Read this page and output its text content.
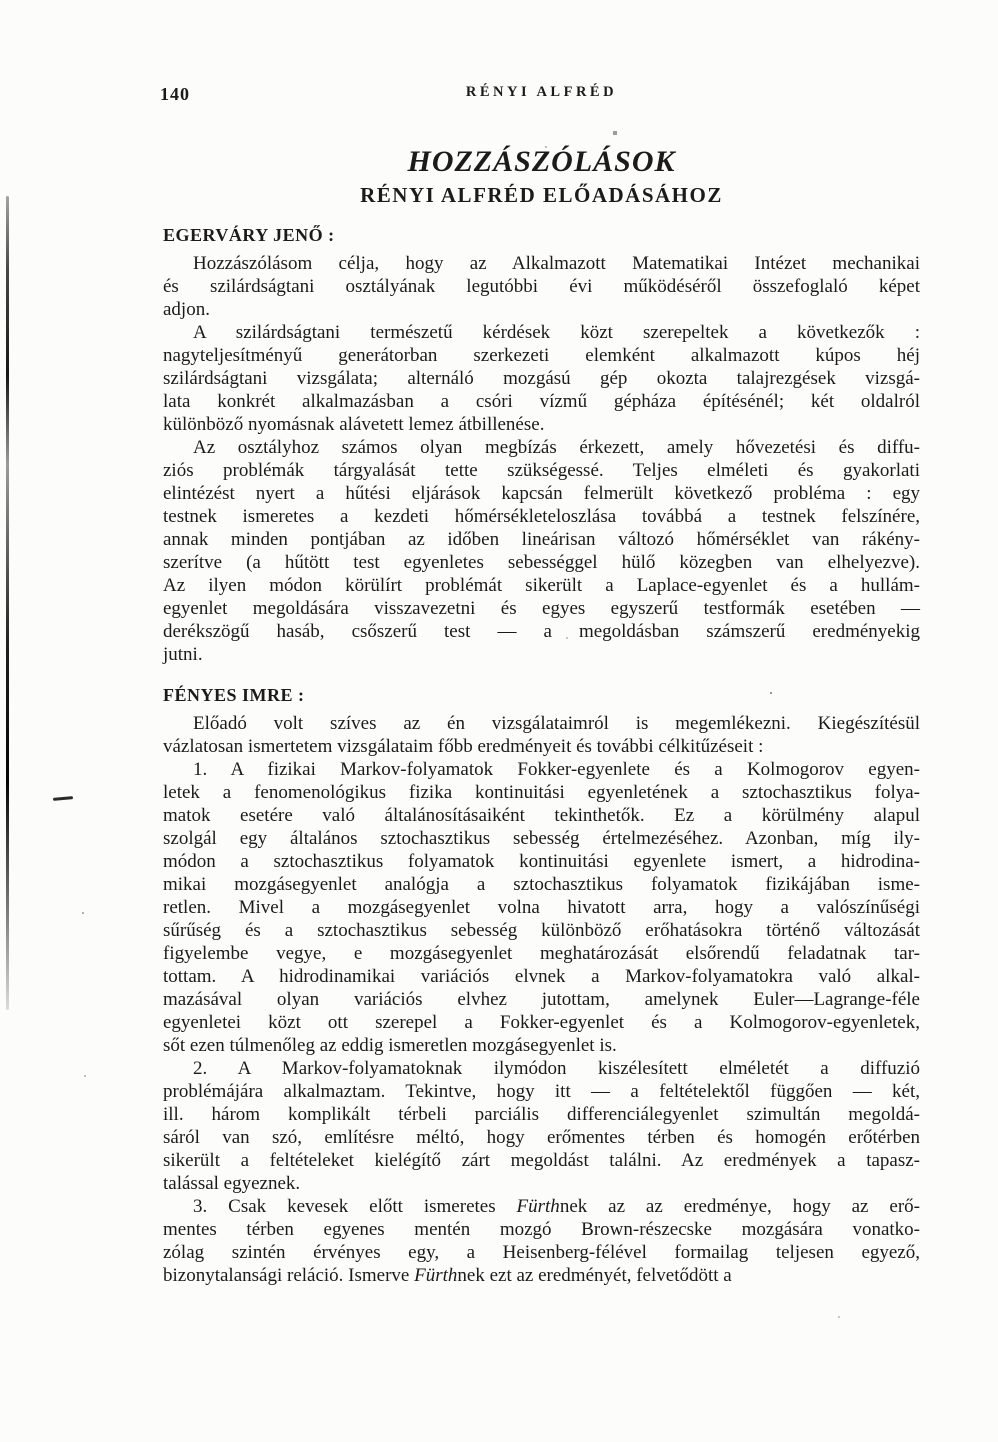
140	RÉNYI ALFRÉD
HOZZÁSZÓLÁSOK
RÉNYI ALFRÉD ELŐADÁSÁHOZ
EGERVÁRY JENŐ :
Hozzászólásom célja, hogy az Alkalmazott Matematikai Intézet mechanikai
és szilárdságtani osztályának legutóbbi évi működéséről összefoglaló képet
adjon.
A szilárdságtani természetű kérdések közt szerepeltek a következők :
nagyteljesítményű generátorban szerkezeti elemként alkalmazott kúpos héj
szilárdságtani vizsgálata; alternáló mozgású gép okozta talajrezgések vizsgá-
lata konkrét alkalmazásban a csóri vízmű gépháza építésénél; két oldalról
különböző nyomásnak alávetett lemez átbillenése.
Az osztályhoz számos olyan megbízás érkezett, amely hővezetési és diffu-
ziós problémák tárgyalását tette szükségessé. Teljes elméleti és gyakorlati
elintézést nyert a hűtési eljárások kapcsán felmerült következő probléma : egy
testnek ismeretes a kezdeti hőmérsékleteloszlása továbbá a testnek felszínére,
annak minden pontjában az időben lineárisan változó hőmérséklet van rákény-
szerítve (a hűtött test egyenletes sebességgel hülő közegben van elhelyezve).
Az ilyen módon körülírt problémát sikerült a Laplace-egyenlet és a hullám-
egyenlet megoldására visszavezetni és egyes egyszerű testformák esetében —
derékszögű hasáb, csőszerű test — a megoldásban számszerű eredményekig
jutni.
FÉNYES IMRE :
Előadó volt szíves az én vizsgálataimról is megemlékezni. Kiegészítésül
vázlatosan ismertetem vizsgálataim főbb eredményeit és további célkitűzéseit :
1. A fizikai Markov-folyamatok Fokker-egyenlete és a Kolmogorov egyen-
letek a fenomenológikus fizika kontinuitási egyenletének a sztochasztikus folya-
matok esetére való általánosításaiként tekinthetők. Ez a körülmény alapul
szolgál egy általános sztochasztikus sebesség értelmezéséhez. Azonban, míg ily-
módon a sztochasztikus folyamatok kontinuitási egyenlete ismert, a hidrodina-
mikai mozgásegyenlet analógja a sztochasztikus folyamatok fizikájában isme-
retlen. Mivel a mozgásegyenlet volna hivatott arra, hogy a valószínűségi
sűrűség és a sztochasztikus sebesség különböző erőhatásokra történő változását
figyelembe vegye, e mozgásegyenlet meghatározását elsőrendű feladatnak tar-
tottam. A hidrodinamikai variációs elvnek a Markov-folyamatokra való alkal-
mazásával olyan variációs elvhez jutottam, amelynek Euler—Lagrange-féle
egyenletei közt ott szerepel a Fokker-egyenlet és a Kolmogorov-egyenletek,
sőt ezen túlmenőleg az eddig ismeretlen mozgásegyenlet is.
2. A Markov-folyamatoknak ilymódon kiszélesített elméletét a diffuzió
problémájára alkalmaztam. Tekintve, hogy itt — a feltételektől függően — két,
ill. három komplikált térbeli parciális differenciálegyenlet szimultán megoldá-
sáról van szó, említésre méltó, hogy erőmentes térben és homogén erőtérben
sikerült a feltételeket kielégítő zárt megoldást találni. Az eredmények a tapasz-
talással egyeznek.
3. Csak kevesek előtt ismeretes Fürthnek az az eredménye, hogy az erő-
mentes térben egyenes mentén mozgó Brown-részecske mozgására vonatko-
zólag szintén érvényes egy, a Heisenberg-félével formailag teljesen egyező,
bizonytalansági reláció. Ismerve Fürthnek ezt az eredményét, felvetődött a
